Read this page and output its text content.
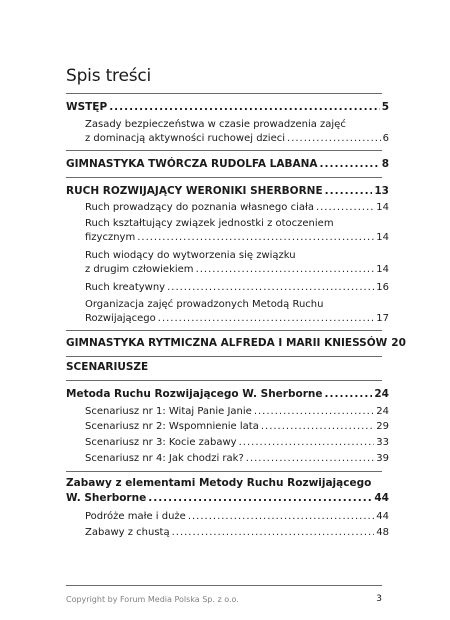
Spis treści
WSTĘP .....	5
Zasady bezpieczeństwa w czasie prowadzenia zajęć
z dominacją aktywności ruchowej dzieci .....	6
GIMNASTYKA TWÓRCZA RUDOLFA LABANA .....	8
RUCH ROZWIJAJĄCY WERONIKI SHERBORNE .....	13
Ruch prowadzący do poznania własnego ciała .....	14
Ruch kształtujący związek jednostki z otoczeniem
fizycznym .....	14
Ruch wiodący do wytworzenia się związku
z drugim człowiekiem .....	14
Ruch kreatywny .....	16
Organizacja zajęć prowadzonych Metodą Ruchu
Rozwijającego .....	17
GIMNASTYKA RYTMICZNA ALFREDA I MARII KNIESSÓW 20
SCENARIUSZE
Metoda Ruchu Rozwijającego W. Sherborne .....	24
Scenariusz nr 1: Witaj Panie Janie .....	24
Scenariusz nr 2: Wspomnienie lata .....	29
Scenariusz nr 3: Kocie zabawy .....	33
Scenariusz nr 4: Jak chodzi rak? .....	39
Zabawy z elementami Metody Ruchu Rozwijającego
W. Sherborne .....	44
Podróże małe i duże .....	44
Zabawy z chustą .....	48
Copyright by Forum Media Polska Sp. z o.o.	3
